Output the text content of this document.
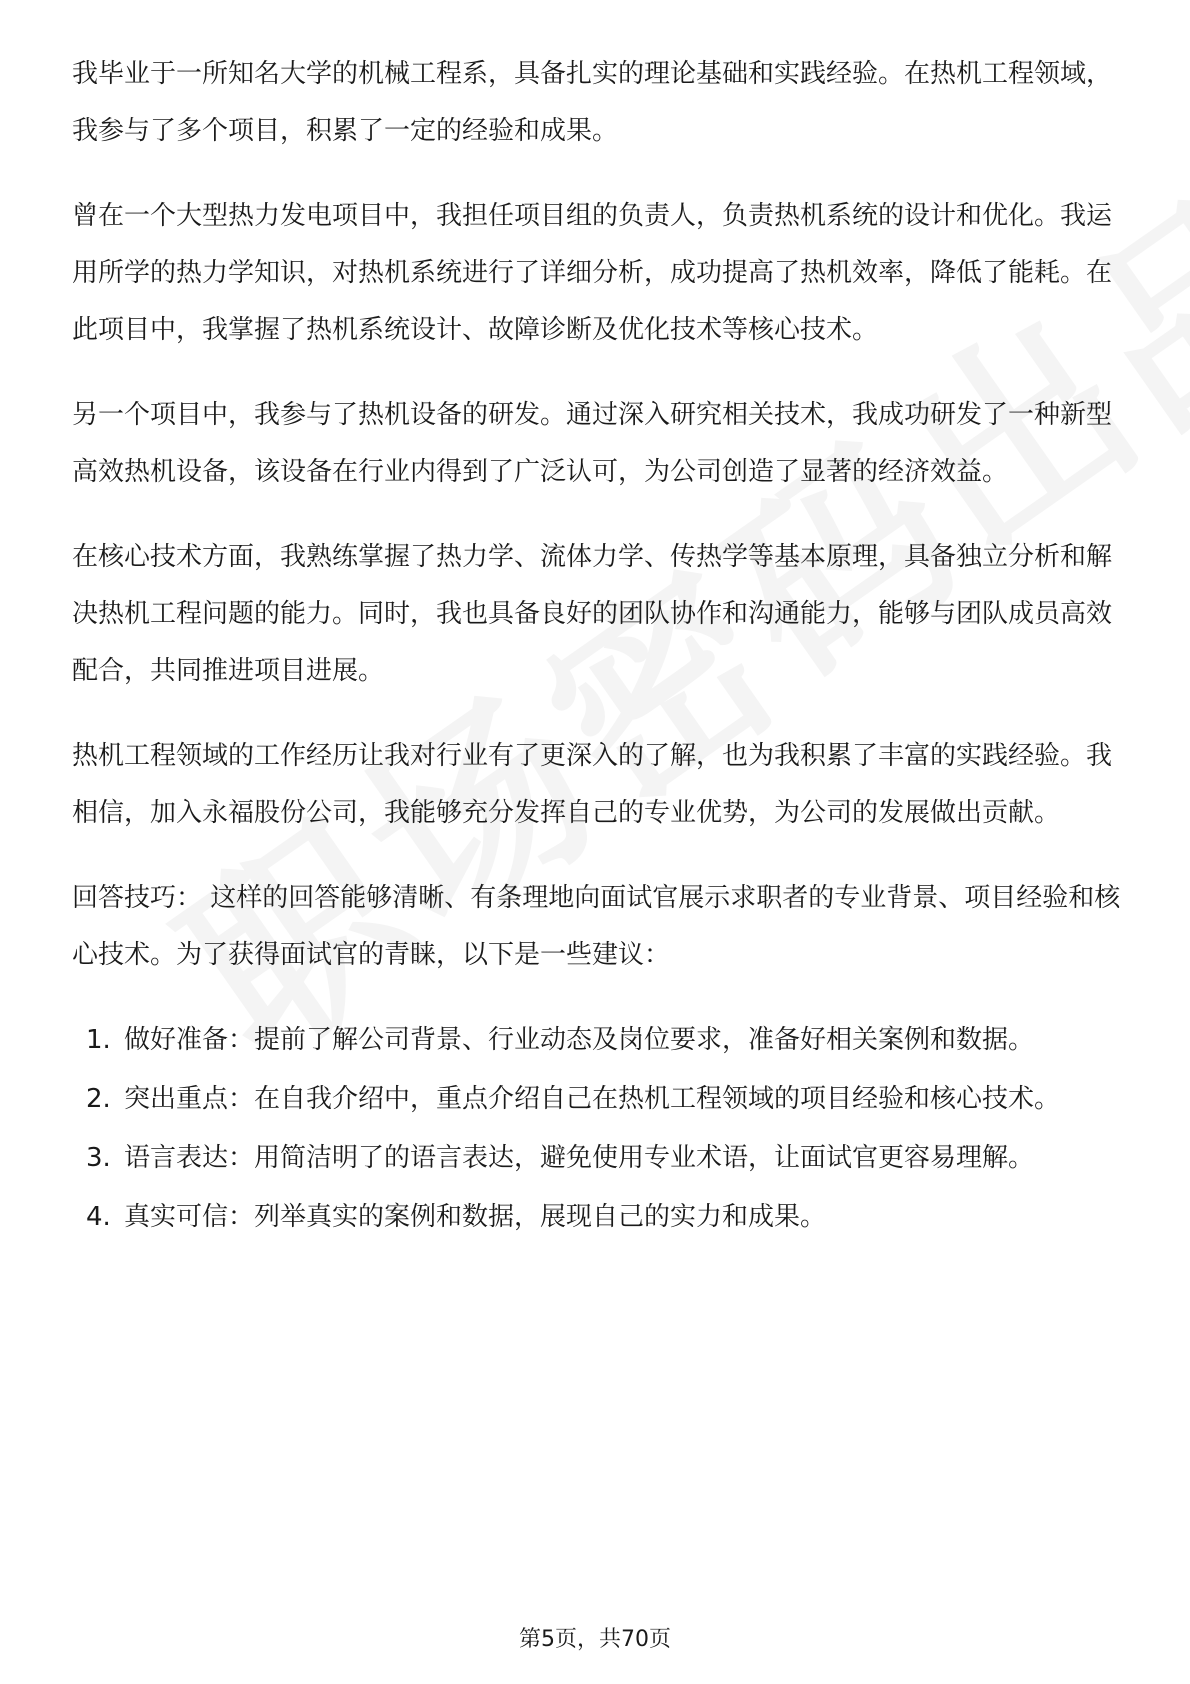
我毕业于一所知名大学的机械工程系，具备扎实的理论基础和实践经验。在热机工程领域，我参与了多个项目，积累了一定的经验和成果。

曾在一个大型热力发电项目中，我担任项目组的负责人，负责热机系统的设计和优化。我运用所学的热力学知识，对热机系统进行了详细分析，成功提高了热机效率，降低了能耗。在此项目中，我掌握了热机系统设计、故障诊断及优化技术等核心技术。

另一个项目中，我参与了热机设备的研发。通过深入研究相关技术，我成功研发了一种新型高效热机设备，该设备在行业内得到了广泛认可，为公司创造了显著的经济效益。

在核心技术方面，我熟练掌握了热力学、流体力学、传热学等基本原理，具备独立分析和解决热机工程问题的能力。同时，我也具备良好的团队协作和沟通能力，能够与团队成员高效配合，共同推进项目进展。

热机工程领域的工作经历让我对行业有了更深入的了解，也为我积累了丰富的实践经验。我相信，加入永福股份公司，我能够充分发挥自己的专业优势，为公司的发展做出贡献。

回答技巧： 这样的回答能够清晰、有条理地向面试官展示求职者的专业背景、项目经验和核心技术。为了获得面试官的青睐，以下是一些建议：

1. 做好准备：提前了解公司背景、行业动态及岗位要求，准备好相关案例和数据。
2. 突出重点：在自我介绍中，重点介绍自己在热机工程领域的项目经验和核心技术。
3. 语言表达：用简洁明了的语言表达，避免使用专业术语，让面试官更容易理解。
4. 真实可信：列举真实的案例和数据，展现自己的实力和成果。
第5页，共70页
